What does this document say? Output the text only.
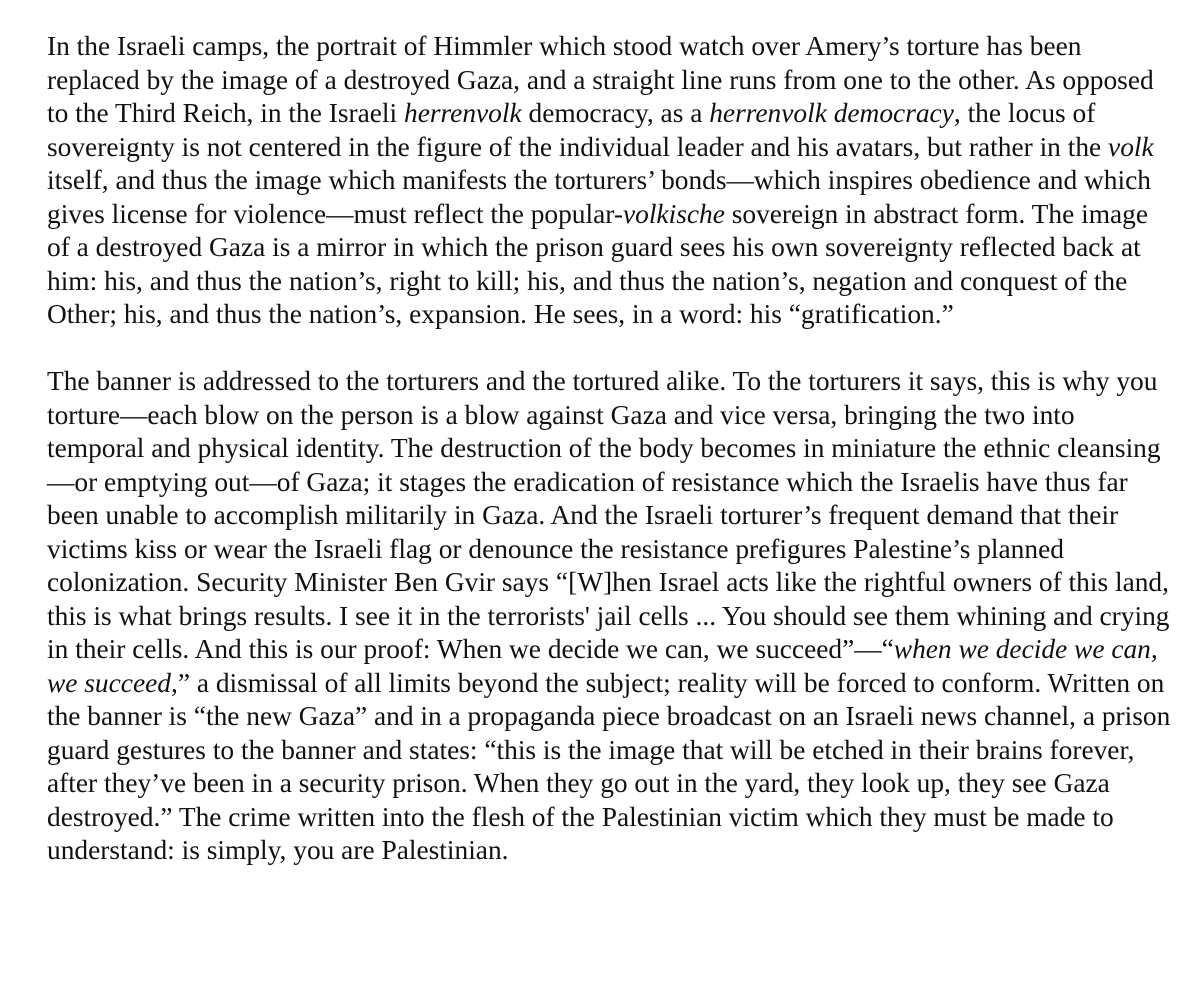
In the Israeli camps, the portrait of Himmler which stood watch over Amery’s torture has been replaced by the image of a destroyed Gaza, and a straight line runs from one to the other. As opposed to the Third Reich, in the Israeli herrenvolk democracy, as a herrenvolk democracy, the locus of sovereignty is not centered in the figure of the individual leader and his avatars, but rather in the volk itself, and thus the image which manifests the torturers’ bonds—which inspires obedience and which gives license for violence—must reflect the popular-volkische sovereign in abstract form. The image of a destroyed Gaza is a mirror in which the prison guard sees his own sovereignty reflected back at him: his, and thus the nation’s, right to kill; his, and thus the nation’s, negation and conquest of the Other; his, and thus the nation’s, expansion. He sees, in a word: his “gratification.”

The banner is addressed to the torturers and the tortured alike. To the torturers it says, this is why you torture—each blow on the person is a blow against Gaza and vice versa, bringing the two into temporal and physical identity. The destruction of the body becomes in miniature the ethnic cleansing—or emptying out—of Gaza; it stages the eradication of resistance which the Israelis have thus far been unable to accomplish militarily in Gaza. And the Israeli torturer’s frequent demand that their victims kiss or wear the Israeli flag or denounce the resistance prefigures Palestine’s planned colonization. Security Minister Ben Gvir says “[W]hen Israel acts like the rightful owners of this land, this is what brings results. I see it in the terrorists' jail cells ... You should see them whining and crying in their cells. And this is our proof: When we decide we can, we succeed”—“when we decide we can, we succeed,” a dismissal of all limits beyond the subject; reality will be forced to conform. Written on the banner is “the new Gaza” and in a propaganda piece broadcast on an Israeli news channel, a prison guard gestures to the banner and states: “this is the image that will be etched in their brains forever, after they’ve been in a security prison. When they go out in the yard, they look up, they see Gaza destroyed.” The crime written into the flesh of the Palestinian victim which they must be made to understand: is simply, you are Palestinian.
